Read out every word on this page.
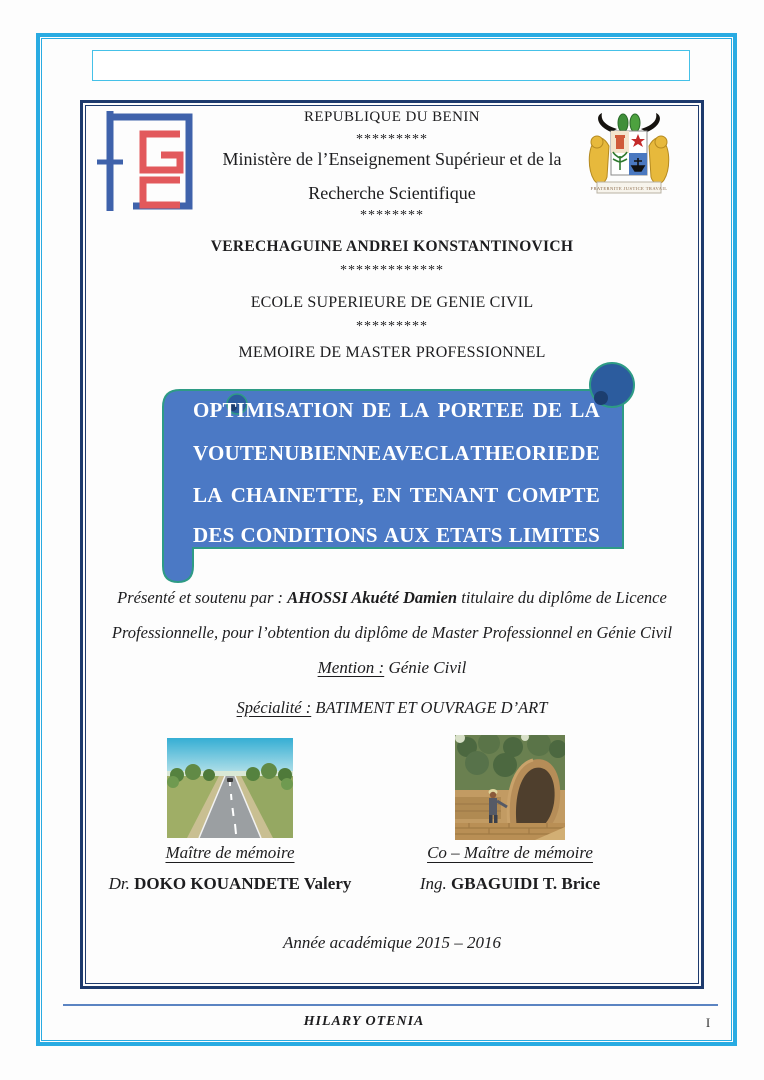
FRATERNITE JUSTICE TRAVAIL
REPUBLIQUE DU BENIN
*********
Ministère de l’Enseignement Supérieur et de la
Recherche Scientifique
********
VERECHAGUINE ANDREI KONSTANTINOVICH
*************
ECOLE SUPERIEURE DE GENIE CIVIL
*********
MEMOIRE DE MASTER PROFESSIONNEL
OPTIMISATION DE LA PORTEE DE LA
VOUTE NUBIENNE AVEC LA THEORIE DE
LA CHAINETTE, EN TENANT COMPTE
DES CONDITIONS AUX ETATS LIMITES
Présenté et soutenu par : AHOSSI Akuété Damien titulaire du diplôme de Licence
Professionnelle, pour l’obtention du diplôme de Master Professionnel en Génie Civil
Mention : Génie Civil
Spécialité : BATIMENT ET OUVRAGE D’ART
Maître de mémoire	Co – Maître de mémoire
Dr. DOKO KOUANDETE Valery	Ing. GBAGUIDI T. Brice
Année académique 2015 – 2016
HILARY OTENIA	I
